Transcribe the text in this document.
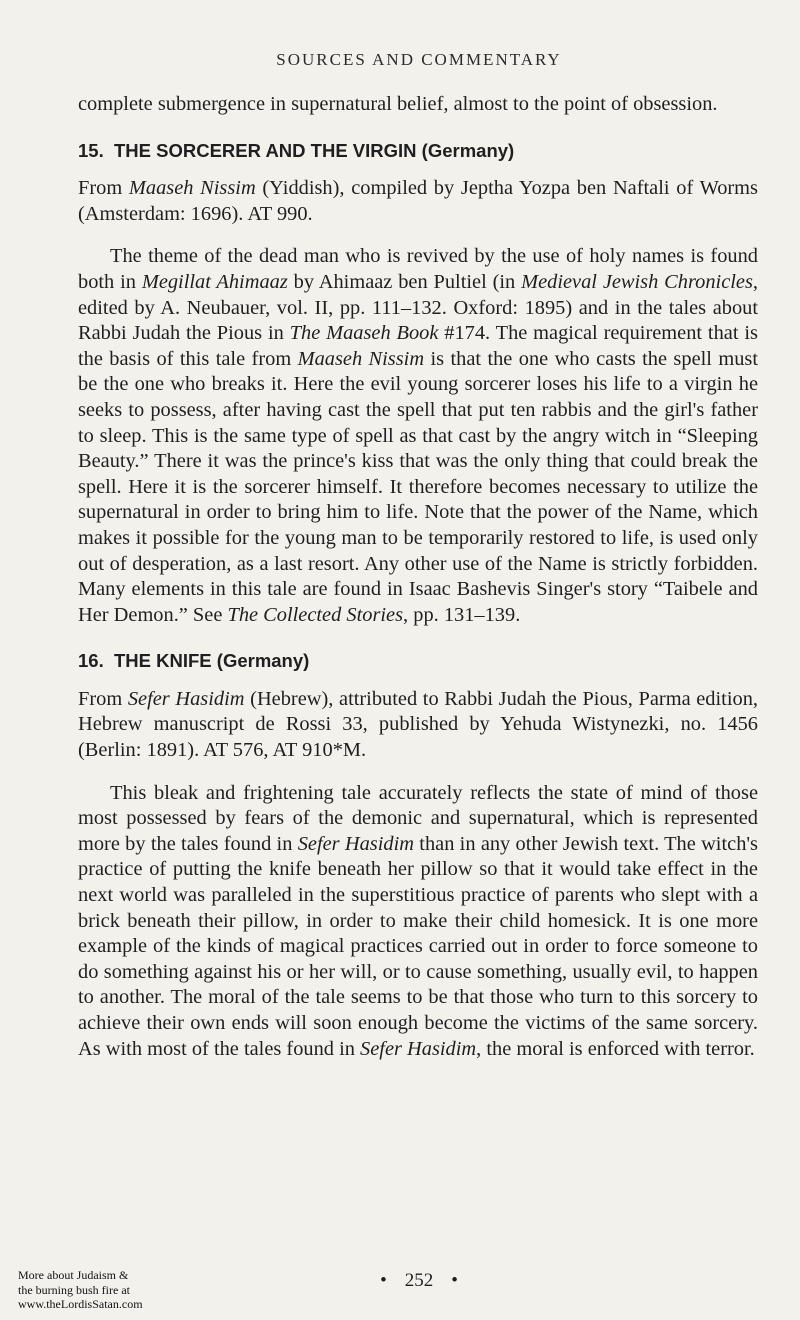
SOURCES AND COMMENTARY

complete submergence in supernatural belief, almost to the point of obsession.

15. THE SORCERER AND THE VIRGIN (Germany)

From Maaseh Nissim (Yiddish), compiled by Jeptha Yozpa ben Naftali of Worms (Amsterdam: 1696). AT 990.

The theme of the dead man who is revived by the use of holy names is found both in Megillat Ahimaaz by Ahimaaz ben Pultiel (in Medieval Jewish Chronicles, edited by A. Neubauer, vol. II, pp. 111–132. Oxford: 1895) and in the tales about Rabbi Judah the Pious in The Maaseh Book #174. The magical requirement that is the basis of this tale from Maaseh Nissim is that the one who casts the spell must be the one who breaks it. Here the evil young sorcerer loses his life to a virgin he seeks to possess, after having cast the spell that put ten rabbis and the girl's father to sleep. This is the same type of spell as that cast by the angry witch in “Sleeping Beauty.” There it was the prince's kiss that was the only thing that could break the spell. Here it is the sorcerer himself. It therefore becomes necessary to utilize the supernatural in order to bring him to life. Note that the power of the Name, which makes it possible for the young man to be temporarily restored to life, is used only out of desperation, as a last resort. Any other use of the Name is strictly forbidden. Many elements in this tale are found in Isaac Bashevis Singer's story “Taibele and Her Demon.” See The Collected Stories, pp. 131–139.

16. THE KNIFE (Germany)

From Sefer Hasidim (Hebrew), attributed to Rabbi Judah the Pious, Parma edition, Hebrew manuscript de Rossi 33, published by Yehuda Wistynezki, no. 1456 (Berlin: 1891). AT 576, AT 910*M.

This bleak and frightening tale accurately reflects the state of mind of those most possessed by fears of the demonic and supernatural, which is represented more by the tales found in Sefer Hasidim than in any other Jewish text. The witch's practice of putting the knife beneath her pillow so that it would take effect in the next world was paralleled in the superstitious practice of parents who slept with a brick beneath their pillow, in order to make their child homesick. It is one more example of the kinds of magical practices carried out in order to force someone to do something against his or her will, or to cause something, usually evil, to happen to another. The moral of the tale seems to be that those who turn to this sorcery to achieve their own ends will soon enough become the victims of the same sorcery. As with most of the tales found in Sefer Hasidim, the moral is enforced with terror.

• 252 •
More about Judaism &
the burning bush fire at
www.theLordisSatan.com
